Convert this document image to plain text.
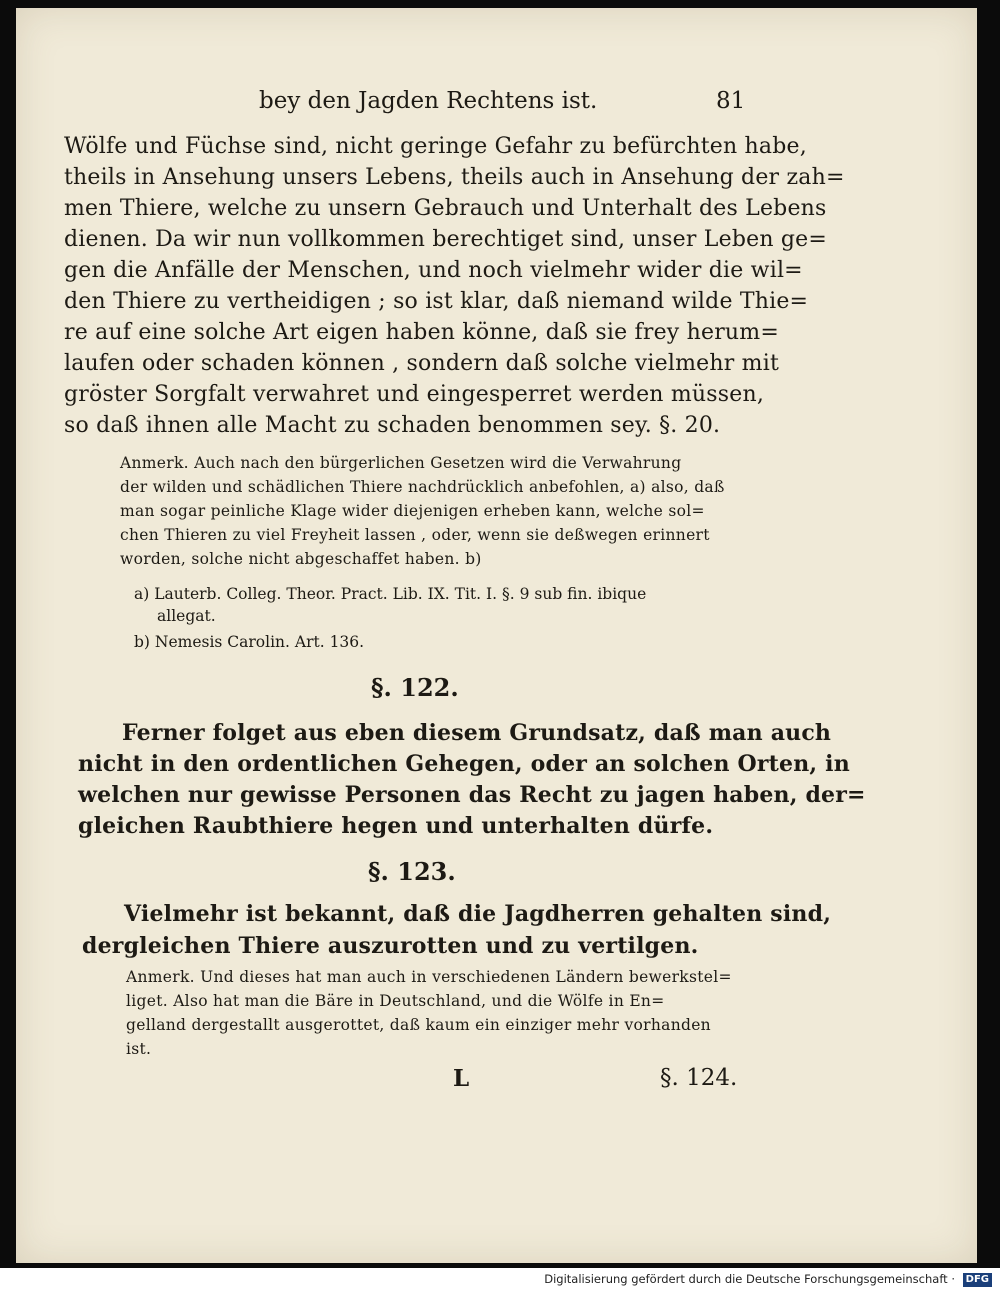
bey den Jagden Rechtens ist.	81

Wölfe und Füchse sind, nicht geringe Gefahr zu befürchten habe,

theils in Ansehung unsers Lebens, theils auch in Ansehung der zah=

men Thiere, welche zu unsern Gebrauch und Unterhalt des Lebens

dienen. Da wir nun vollkommen berechtiget sind, unser Leben ge=

gen die Anfälle der Menschen, und noch vielmehr wider die wil=

den Thiere zu vertheidigen ; so ist klar, daß niemand wilde Thie=

re auf eine solche Art eigen haben könne, daß sie frey herum=

laufen oder schaden können , sondern daß solche vielmehr mit

gröster Sorgfalt verwahret und eingesperret werden müssen,

so daß ihnen alle Macht zu schaden benommen sey. §. 20.

Anmerk. Auch nach den bürgerlichen Gesetzen wird die Verwahrung

der wilden und schädlichen Thiere nachdrücklich anbefohlen, a) also, daß

man sogar peinliche Klage wider diejenigen erheben kann, welche sol=

chen Thieren zu viel Freyheit lassen , oder, wenn sie deßwegen erinnert

worden, solche nicht abgeschaffet haben. b)

a) Lauterb. Colleg. Theor. Pract. Lib. IX. Tit. I. §. 9 sub fin. ibique

allegat.

b) Nemesis Carolin. Art. 136.

§. 122.

Ferner folget aus eben diesem Grundsatz, daß man auch

nicht in den ordentlichen Gehegen, oder an solchen Orten, in

welchen nur gewisse Personen das Recht zu jagen haben, der=

gleichen Raubthiere hegen und unterhalten dürfe.

§. 123.

Vielmehr ist bekannt, daß die Jagdherren gehalten sind,

dergleichen Thiere auszurotten und zu vertilgen.

Anmerk. Und dieses hat man auch in verschiedenen Ländern bewerkstel=

liget. Also hat man die Bäre in Deutschland, und die Wölfe in En=

gelland dergestallt ausgerottet, daß kaum ein einziger mehr vorhanden

ist.

L	§. 124.

Digitalisierung gefördert durch die Deutsche Forschungsgemeinschaft · DFG
